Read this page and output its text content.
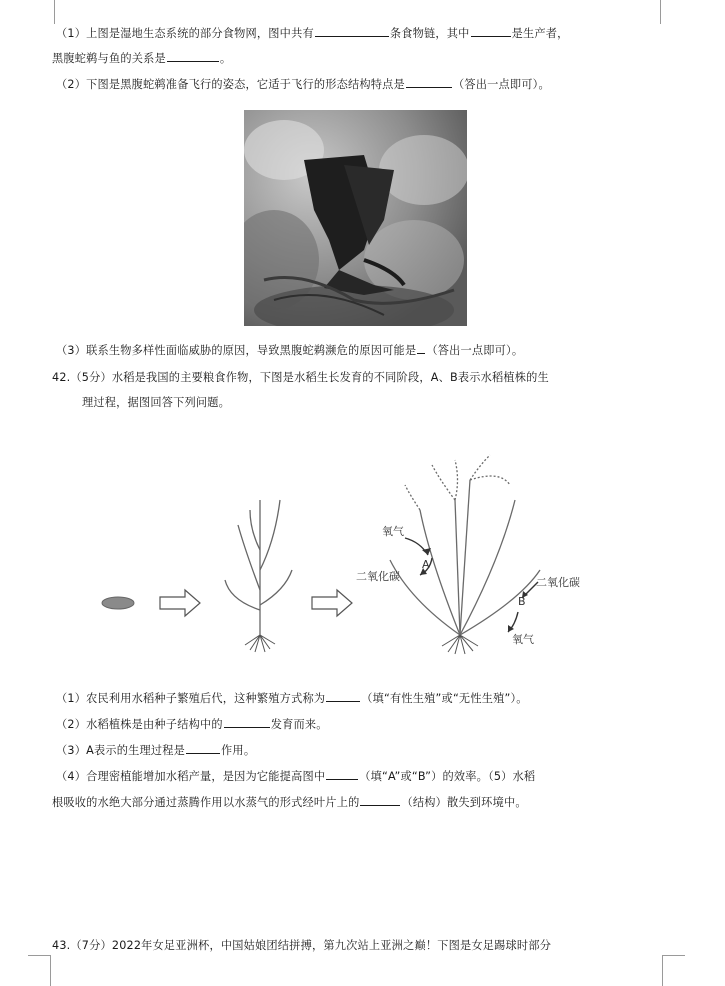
（1）上图是湿地生态系统的部分食物网，图中共有	条食物链，其中	是生产者，
黑腹蛇鹈与鱼的关系是	。
（2）下图是黑腹蛇鹈准备飞行的姿态，它适于飞行的形态结构特点是	（答出一点即可）。
（3）联系生物多样性面临威胁的原因，导致黑腹蛇鹈濒危的原因可能是 （答出一点即可）。
42.（5分）水稻是我国的主要粮食作物，下图是水稻生长发育的不同阶段，A、B表示水稻植株的生
理过程，据图回答下列问题。
氧气
A
二氧化碳
B
二氧化碳
氧气
（1）农民利用水稻种子繁殖后代，这种繁殖方式称为	（填“有性生殖”或“无性生殖”）。
（2）水稻植株是由种子结构中的	发育而来。
（3）A表示的生理过程是	作用。
（4）合理密植能增加水稻产量，是因为它能提高图中	（填“A”或“B”）的效率。（5）水稻
根吸收的水绝大部分通过蒸腾作用以水蒸气的形式经叶片上的	（结构）散失到环境中。
43.（7分）2022年女足亚洲杯，中国姑娘团结拼搏，第九次站上亚洲之巅！下图是女足踢球时部分
